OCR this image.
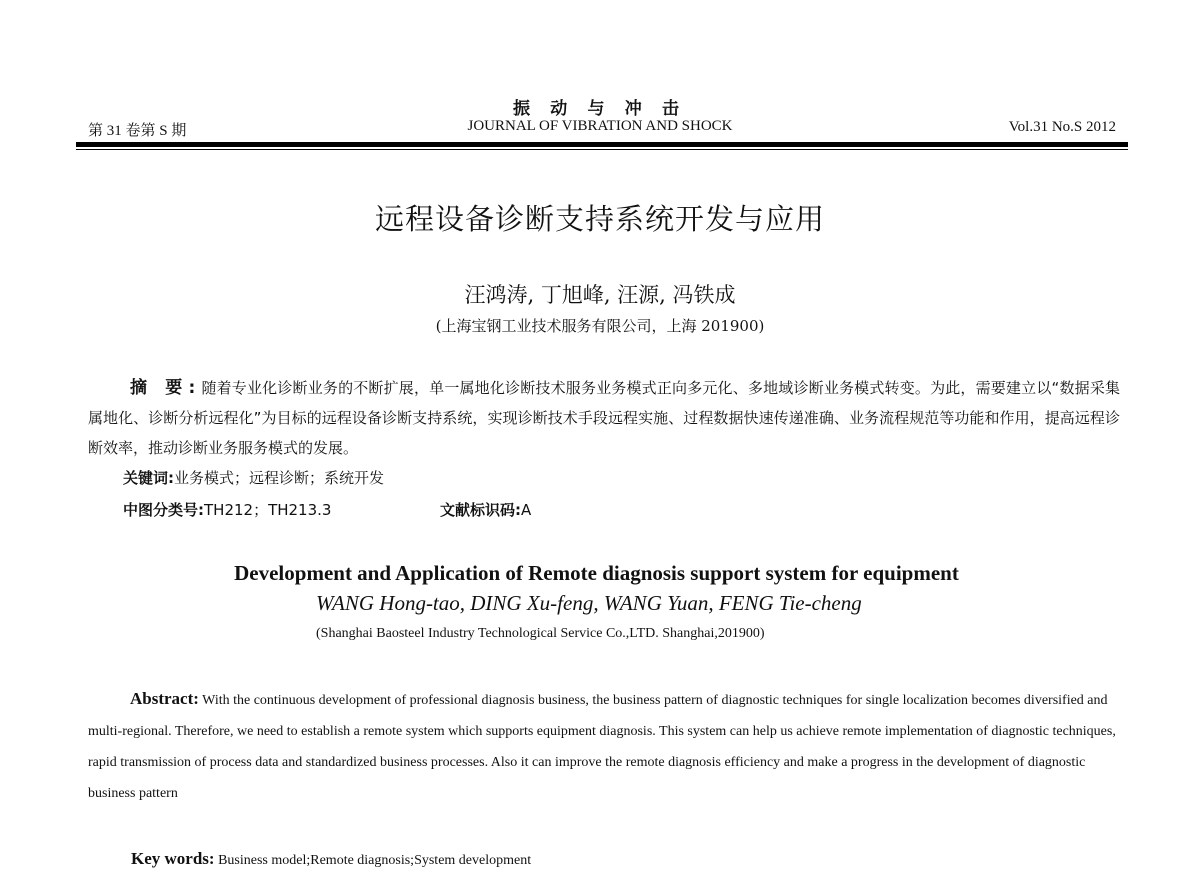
振 动 与 冲 击
第 31 卷第 S 期	JOURNAL OF VIBRATION AND SHOCK	Vol.31 No.S 2012
远程设备诊断支持系统开发与应用
汪鸿涛, 丁旭峰, 汪源, 冯铁成
(上海宝钢工业技术服务有限公司，上海 201900)
摘 要:随着专业化诊断业务的不断扩展，单一属地化诊断技术服务业务模式正向多元化、多地域诊断业务模式转变。为此，需要建立以“数据采集属地化、诊断分析远程化”为目标的远程设备诊断支持系统，实现诊断技术手段远程实施、过程数据快速传递准确、业务流程规范等功能和作用，提高远程诊断效率，推动诊断业务服务模式的发展。
关键词:业务模式；远程诊断；系统开发
中图分类号:TH212；TH213.3	文献标识码:A
Development and Application of Remote diagnosis support system for equipment
WANG Hong-tao, DING Xu-feng, WANG Yuan, FENG Tie-cheng
(Shanghai Baosteel Industry Technological Service Co.,LTD. Shanghai,201900)
Abstract: With the continuous development of professional diagnosis business, the business pattern of diagnostic techniques for single localization becomes diversified and multi-regional. Therefore, we need to establish a remote system which supports equipment diagnosis. This system can help us achieve remote implementation of diagnostic techniques, rapid transmission of process data and standardized business processes. Also it can improve the remote diagnosis efficiency and make a progress in the development of diagnostic business pattern
Key words: Business model;Remote diagnosis;System development
